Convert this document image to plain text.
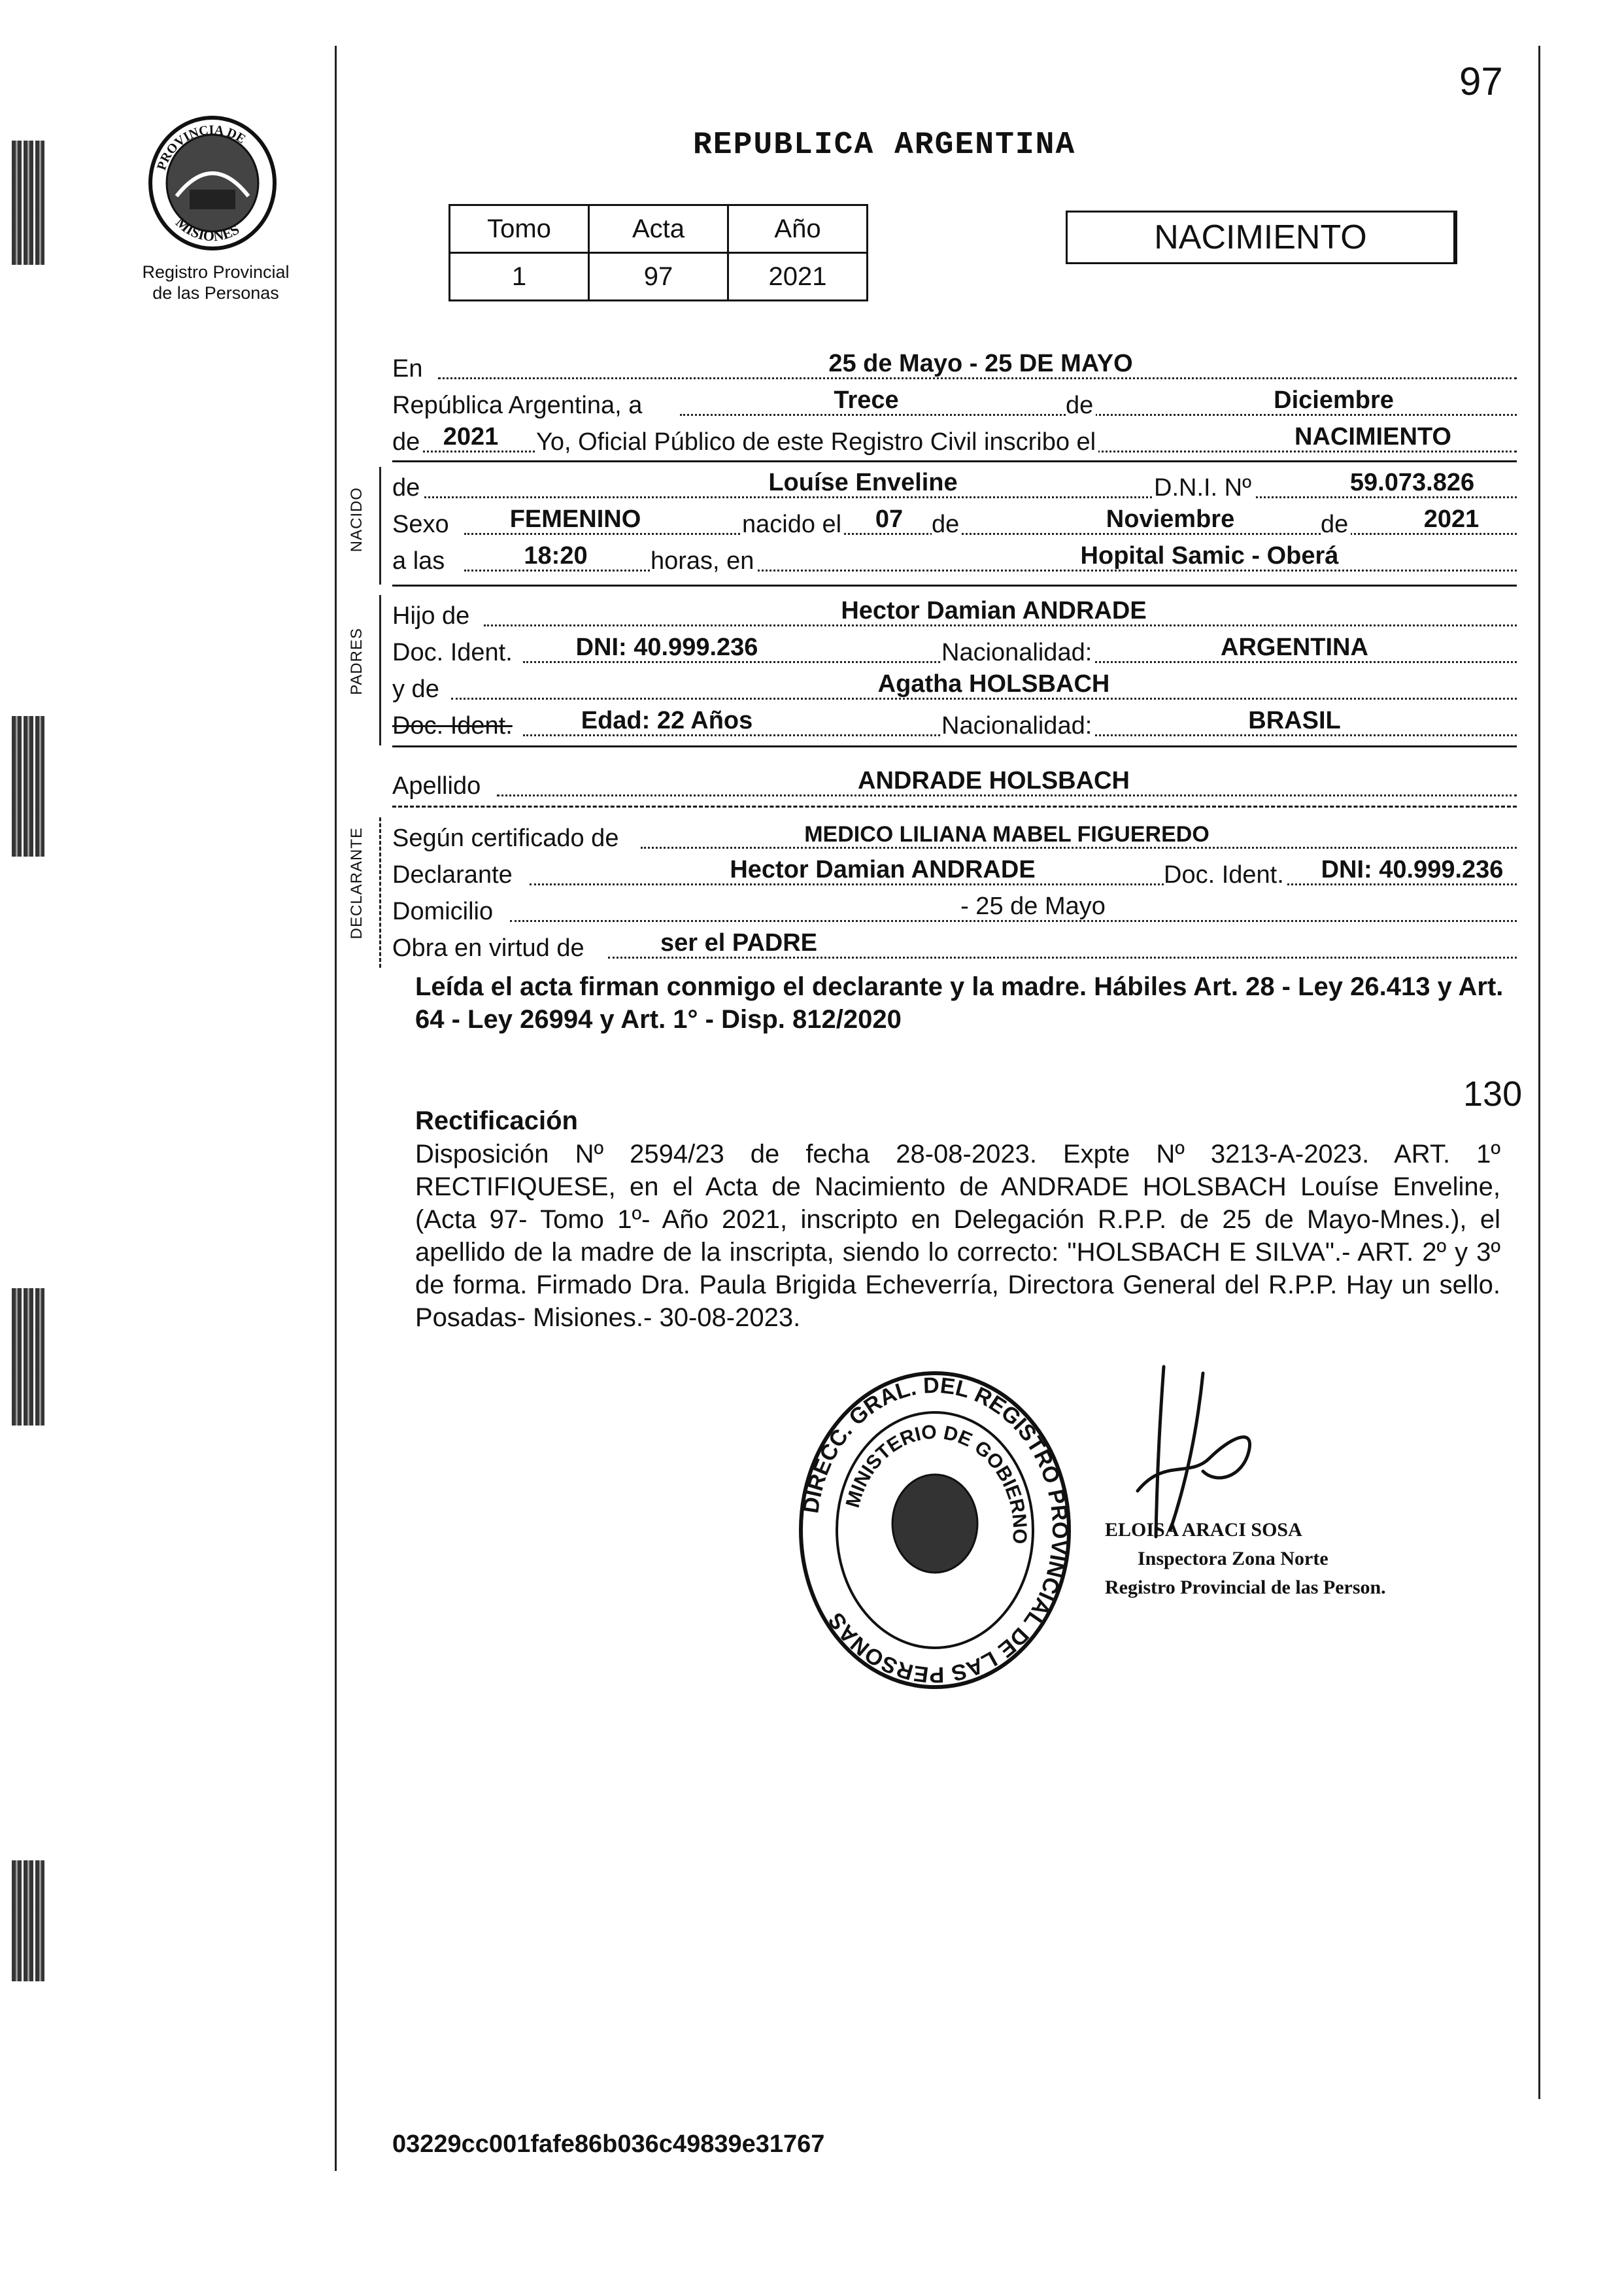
97
PROVINCIA DE
MISIONES
Registro Provincial
de las Personas
REPUBLICA ARGENTINA
Tomo	Acta	Año
1	97	2021
NACIMIENTO
En	25 de Mayo - 25 DE MAYO
República Argentina, a	Trece	de	Diciembre
de 2021	Yo, Oficial Público de este Registro Civil inscribo el	NACIMIENTO
NACIDO de	Louíse Enveline	D.N.I. Nº	59.073.826
Sexo	FEMENINO	nacido el	07	de	Noviembre	de	2021
a las	18:20	horas, en	Hopital Samic - Oberá
PADRES
Hijo de	Hector Damian ANDRADE
Doc. Ident.	DNI: 40.999.236	Nacionalidad:	ARGENTINA
y de	Agatha HOLSBACH
Doc. Ident.	Edad: 22 Años	Nacionalidad:	BRASIL
Apellido	ANDRADE HOLSBACH
DECLARANTE Según certificado de	MEDICO LILIANA MABEL FIGUEREDO
Declarante	Hector Damian ANDRADE	Doc. Ident.	DNI: 40.999.236
Domicilio	- 25 de Mayo
Obra en virtud de	ser el PADRE
Leída el acta firman conmigo el declarante y la madre. Hábiles Art. 28 - Ley 26.413 y Art. 64 - Ley 26994 y Art. 1° - Disp. 812/2020
130
Rectificación
Disposición Nº 2594/23 de fecha 28-08-2023. Expte Nº 3213-A-2023. ART. 1º RECTIFIQUESE, en el Acta de Nacimiento de ANDRADE HOLSBACH Louíse Enveline, (Acta 97- Tomo 1º- Año 2021, inscripto en Delegación R.P.P. de 25 de Mayo-Mnes.), el apellido de la madre de la inscripta, siendo lo correcto: "HOLSBACH E SILVA".- ART. 2º y 3º de forma. Firmado Dra. Paula Brigida Echeverría, Directora General del R.P.P. Hay un sello. Posadas- Misiones.- 30-08-2023.
DIRECC. GRAL. DEL REGISTRO PROVINCIAL DE LAS PERSONAS
MINISTERIO DE GOBIERNO	ELOISA ARACI SOSA
Inspectora Zona Norte
Registro Provincial de las Person.
03229cc001fafe86b036c49839e31767
